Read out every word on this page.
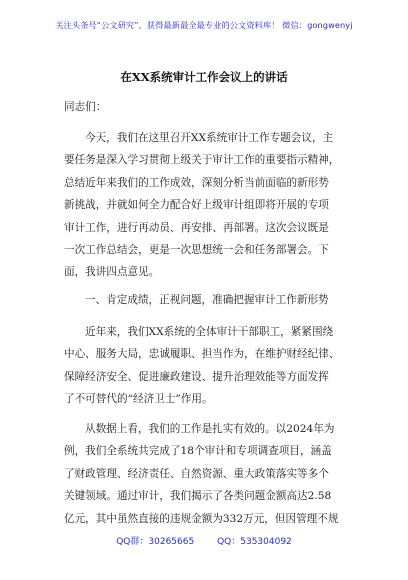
关注头条号“公文研究”，获得最新最全最专业的公文资料库！ 微信：gongwenyj
在XX系统审计工作会议上的讲话
同志们：
今天，我们在这里召开XX系统审计工作专题会议，主
要任务是深入学习贯彻上级关于审计工作的重要指示精神，
总结近年来我们的工作成效，深刻分析当前面临的新形势
新挑战，并就如何全力配合好上级审计组即将开展的专项
审计工作，进行再动员、再安排、再部署。这次会议既是
一次工作总结会，更是一次思想统一会和任务部署会。下
面，我讲四点意见。
一、肯定成绩，正视问题，准确把握审计工作新形势
近年来，我们XX系统的全体审计干部职工，紧紧围绕
中心、服务大局，忠诚履职、担当作为，在维护财经纪律、
保障经济安全、促进廉政建设、提升治理效能等方面发挥
了不可替代的“经济卫士”作用。
从数据上看，我们的工作是扎实有效的。以2024年为
例，我们全系统共完成了18个审计和专项调查项目，涵盖
了财政管理、经济责任、自然资源、重大政策落实等多个
关键领域。通过审计，我们揭示了各类问题金额高达2.58
亿元，其中虽然直接的违规金额为332万元，但因管理不规
QQ群：30265665	QQ：535304092
